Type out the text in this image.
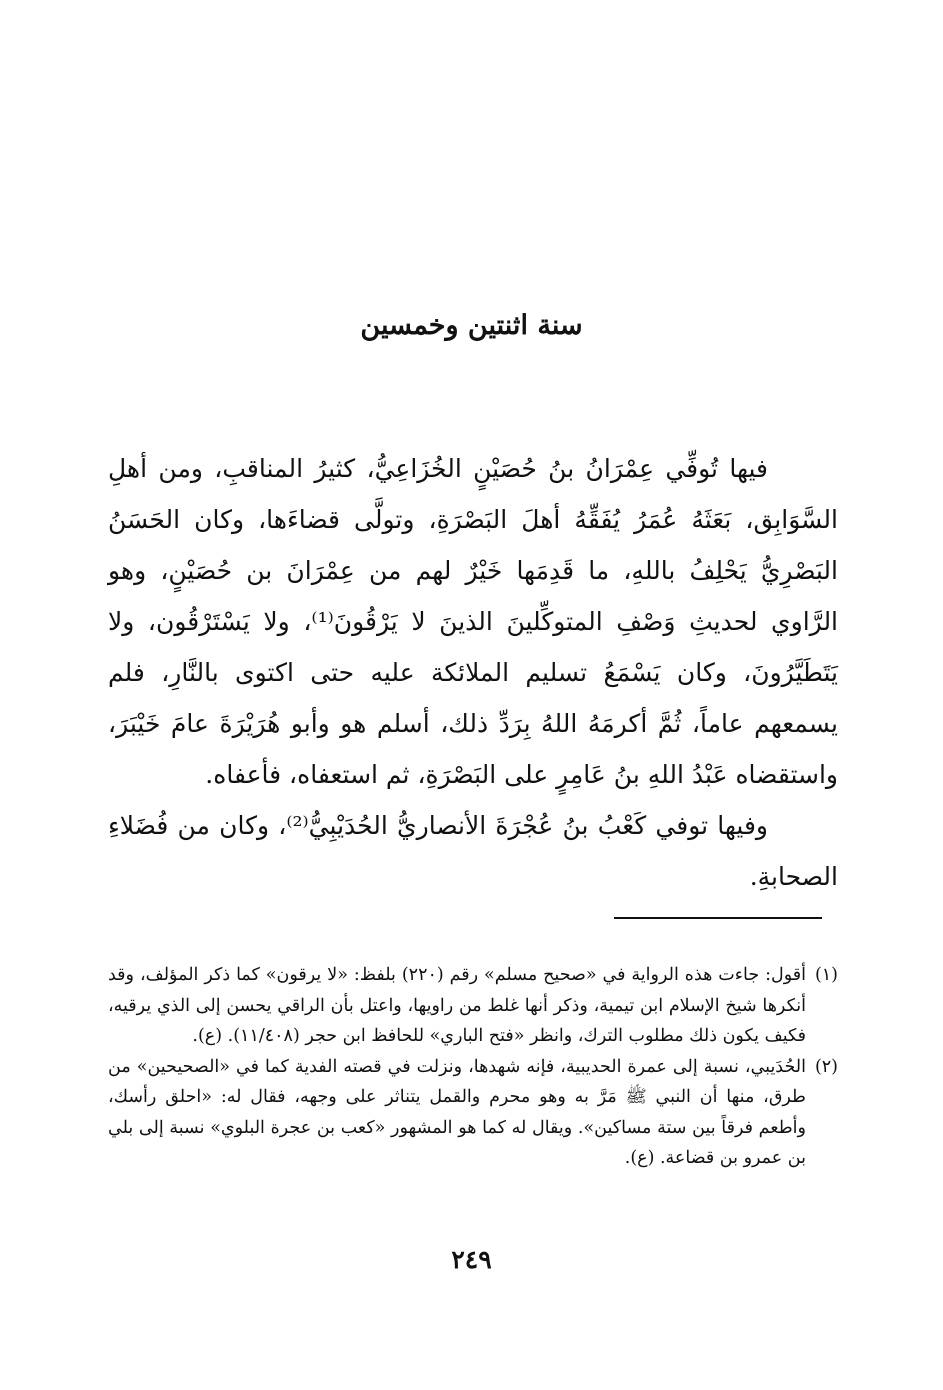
سنة اثنتين وخمسين

فيها تُوفِّي عِمْرَانُ بنُ حُصَيْنٍ الخُزَاعِيُّ، كثيرُ المناقبِ، ومن أهلِ السَّوَابِق، بَعَثَهُ عُمَرُ يُفَقِّهُ أهلَ البَصْرَةِ، وتولَّى قضاءَها، وكان الحَسَنُ البَصْرِيُّ يَحْلِفُ باللهِ، ما قَدِمَها خَيْرٌ لهم من عِمْرَانَ بن حُصَيْنٍ، وهو الرَّاوي لحديثِ وَصْفِ المتوكِّلينَ الذينَ لا يَرْقُونَ⁽¹⁾، ولا يَسْتَرْقُون، ولا يَتَطَيَّرُونَ، وكان يَسْمَعُ تسليم الملائكة عليه حتى اكتوى بالنَّارِ، فلم يسمعهم عاماً، ثُمَّ أكرمَهُ اللهُ بِرَدِّ ذلك، أسلم هو وأبو هُرَيْرَةَ عامَ خَيْبَرَ، واستقضاه عَبْدُ اللهِ بنُ عَامِرٍ على البَصْرَةِ، ثم استعفاه، فأعفاه.

وفيها توفي كَعْبُ بنُ عُجْرَةَ الأنصاريُّ الحُدَيْبِيُّ⁽²⁾، وكان من فُضَلاءِ الصحابةِ.

(١)
أقول: جاءت هذه الرواية في «صحيح مسلم» رقم (٢٢٠) بلفظ: «لا يرقون» كما ذكر المؤلف، وقد أنكرها شيخ الإسلام ابن تيمية، وذكر أنها غلط من راويها، واعتل بأن الراقي يحسن إلى الذي يرقيه، فكيف يكون ذلك مطلوب الترك، وانظر «فتح الباري» للحافظ ابن حجر (١١/٤٠٨). (ع).
(٢)
الحُدَيبي، نسبة إلى عمرة الحديبية، فإنه شهدها، ونزلت في قصته الفدية كما في «الصحيحين» من طرق، منها أن النبي ﷺ مَرَّ به وهو محرم والقمل يتناثر على وجهه، فقال له: «احلق رأسك، وأطعم فرقاً بين ستة مساكين». ويقال له كما هو المشهور «كعب بن عجرة البلوي» نسبة إلى بلي بن عمرو بن قضاعة. (ع).
٢٤٩
